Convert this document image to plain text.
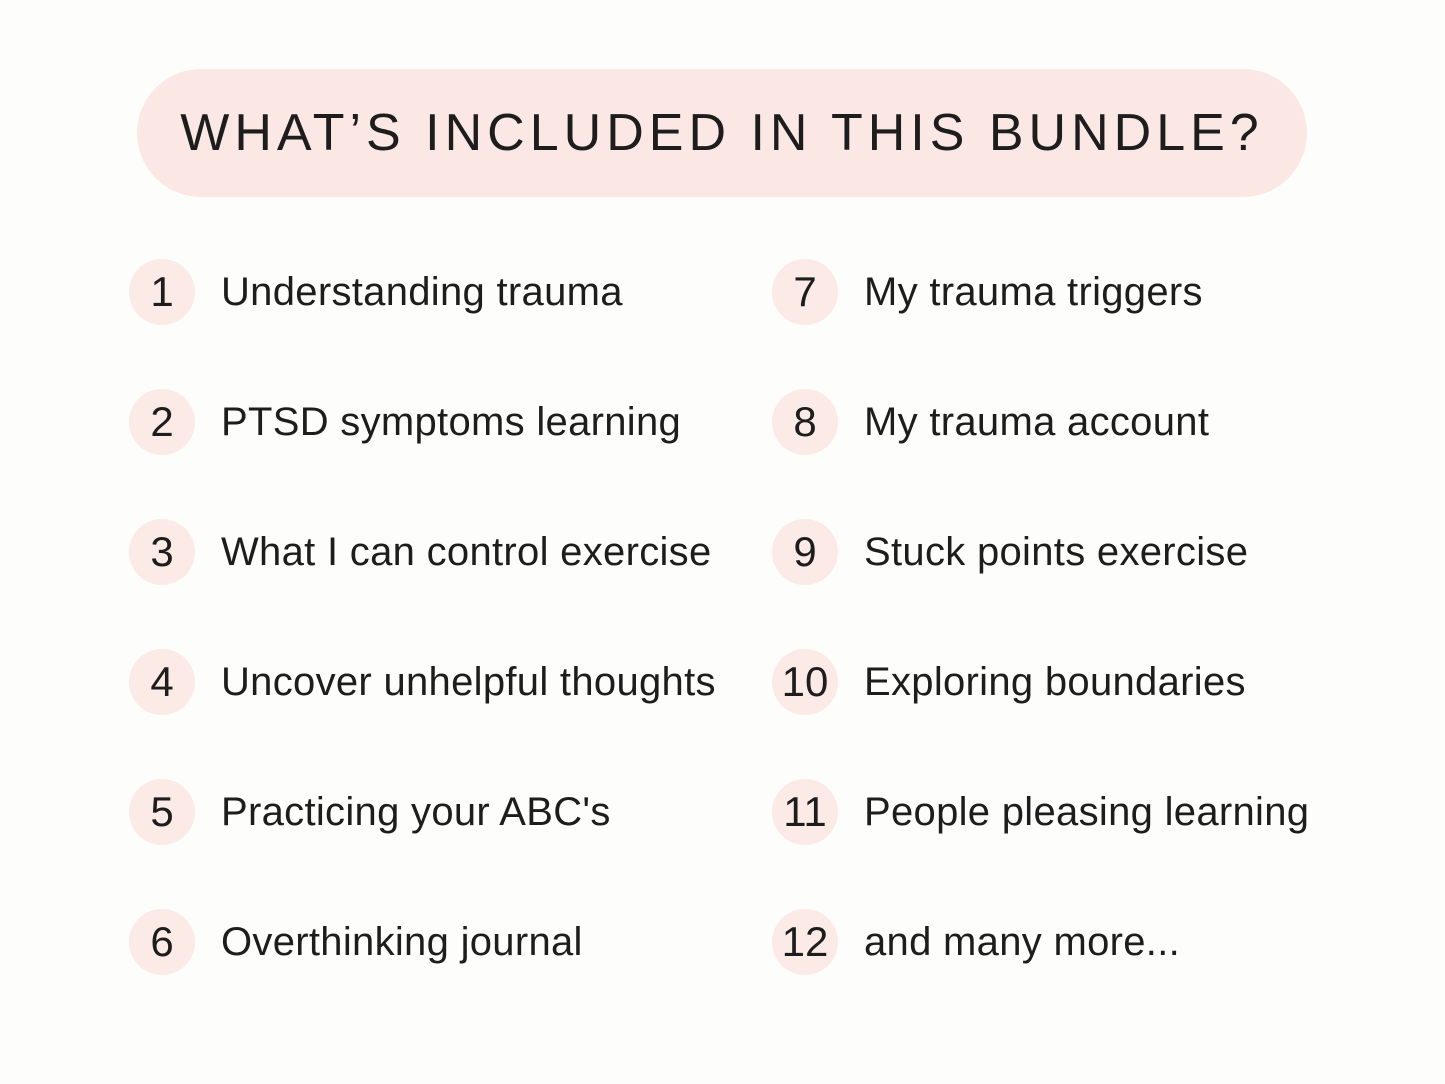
WHAT’S INCLUDED IN THIS BUNDLE?
1	Understanding trauma
2	PTSD symptoms learning
3	What I can control exercise
4	Uncover unhelpful thoughts
5	Practicing your ABC's
6	Overthinking journal
7	My trauma triggers
8	My trauma account
9	Stuck points exercise
10 Exploring boundaries
11 People pleasing learning
12 and many more...
